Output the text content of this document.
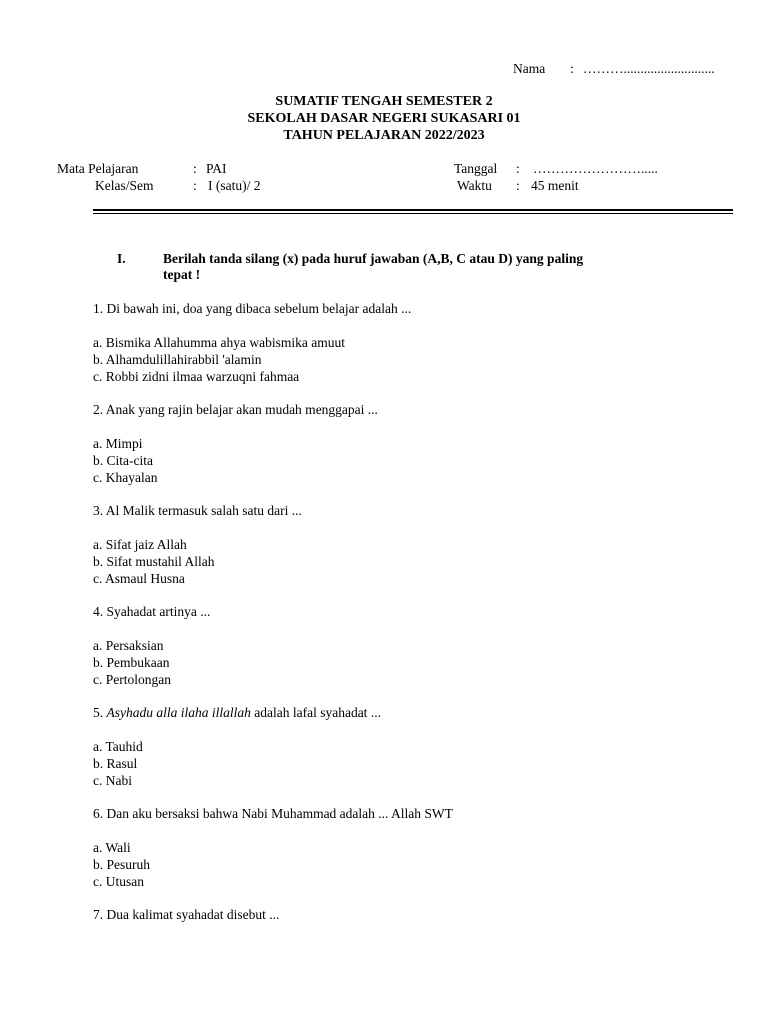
Nama : ………...........................
SUMATIF TENGAH SEMESTER 2
SEKOLAH DASAR NEGERI SUKASARI 01
TAHUN PELAJARAN 2022/2023
Mata Pelajaran	: PAI
Kelas/Sem	: I (satu)/ 2
Tanggal : …………………….....
Waktu : 45 menit
I.	Berilah tanda silang (x) pada huruf jawaban (A,B, C atau D) yang paling
tepat !
1. Di bawah ini, doa yang dibaca sebelum belajar adalah ...
a. Bismika Allahumma ahya wabismika amuut
b. Alhamdulillahirabbil 'alamin
c. Robbi zidni ilmaa warzuqni fahmaa
2. Anak yang rajin belajar akan mudah menggapai ...
a. Mimpi
b. Cita-cita
c. Khayalan
3. Al Malik termasuk salah satu dari ...
a. Sifat jaiz Allah
b. Sifat mustahil Allah
c. Asmaul Husna
4. Syahadat artinya ...
a. Persaksian
b. Pembukaan
c. Pertolongan
5. Asyhadu alla ilaha illallah adalah lafal syahadat ...
a. Tauhid
b. Rasul
c. Nabi
6. Dan aku bersaksi bahwa Nabi Muhammad adalah ... Allah SWT
a. Wali
b. Pesuruh
c. Utusan
7. Dua kalimat syahadat disebut ...
